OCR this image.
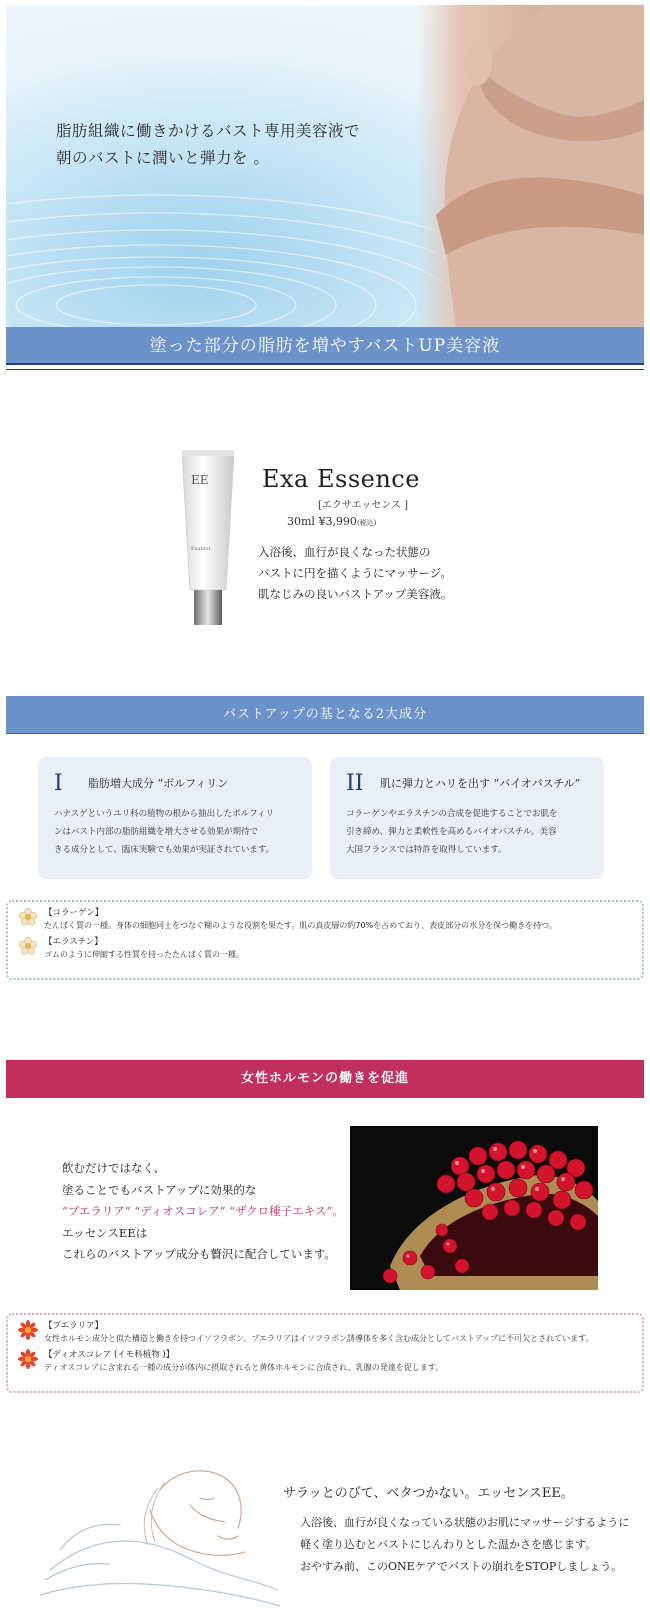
脂肪組織に働きかけるバスト専用美容液で
朝のバストに潤いと弾力を 。
塗った部分の脂肪を増やすバストUP美容液
EE
Exabrst
Exa Essence
[エクサエッセンス ]
30ml ¥3,990(税込)
入浴後、血行が良くなった状態の
バストに円を描くようにマッサージ。
肌なじみの良いバストアップ美容液。
バストアップの基となる2大成分
I	脂肪増大成分 “ボルフィリン
ハナスゲというユリ科の植物の根から抽出したボルフィリ
ンはバスト内部の脂肪組織を増大させる効果が期待で
きる成分として、臨床実験でも効果が実証されています。
II	肌に弾力とハリを出す “バイオバスチル”
コラーゲンやエラスチンの合成を促進することでお肌を
引き締め、弾力と柔軟性を高めるバイオバスチル。美容
大国フランスでは特許を取得しています。
【コラーゲン】
たんぱく質の一種。身体の細胞同士をつなぐ糊のような役割を果たす。肌の真皮層の約70%を占めており、表皮部分の水分を保つ働きを持つ。
【エラスチン】
ゴムのように伸縮する性質を持ったたんぱく質の一種。
女性ホルモンの働きを促進
飲むだけではなく、
塗ることでもバストアップに効果的な
“プエラリア” “ディオスコレア” “ザクロ種子エキス”。
エッセンスEEは
これらのバストアップ成分も贅沢に配合しています。
【プエラリア】
女性ホルモン成分と似た構造と働きを持つイソフラボン。プエラリアはイソフラボン誘導体を多く含む成分としてバストアップに不可欠とされています。
【ディオスコレア (イモ科植物 )】
ディオスコレアに含まれる一種の成分が体内に摂取されると黄体ホルモンに合成され、乳腺の発達を促します。
サラッとのびて、ベタつかない。エッセンスEE。
入浴後、血行が良くなっている状態のお肌にマッサージするように
軽く塗り込むとバストにじんわりとした温かさを感じます。
おやすみ前、このONEケアでバストの崩れをSTOPしましょう。
